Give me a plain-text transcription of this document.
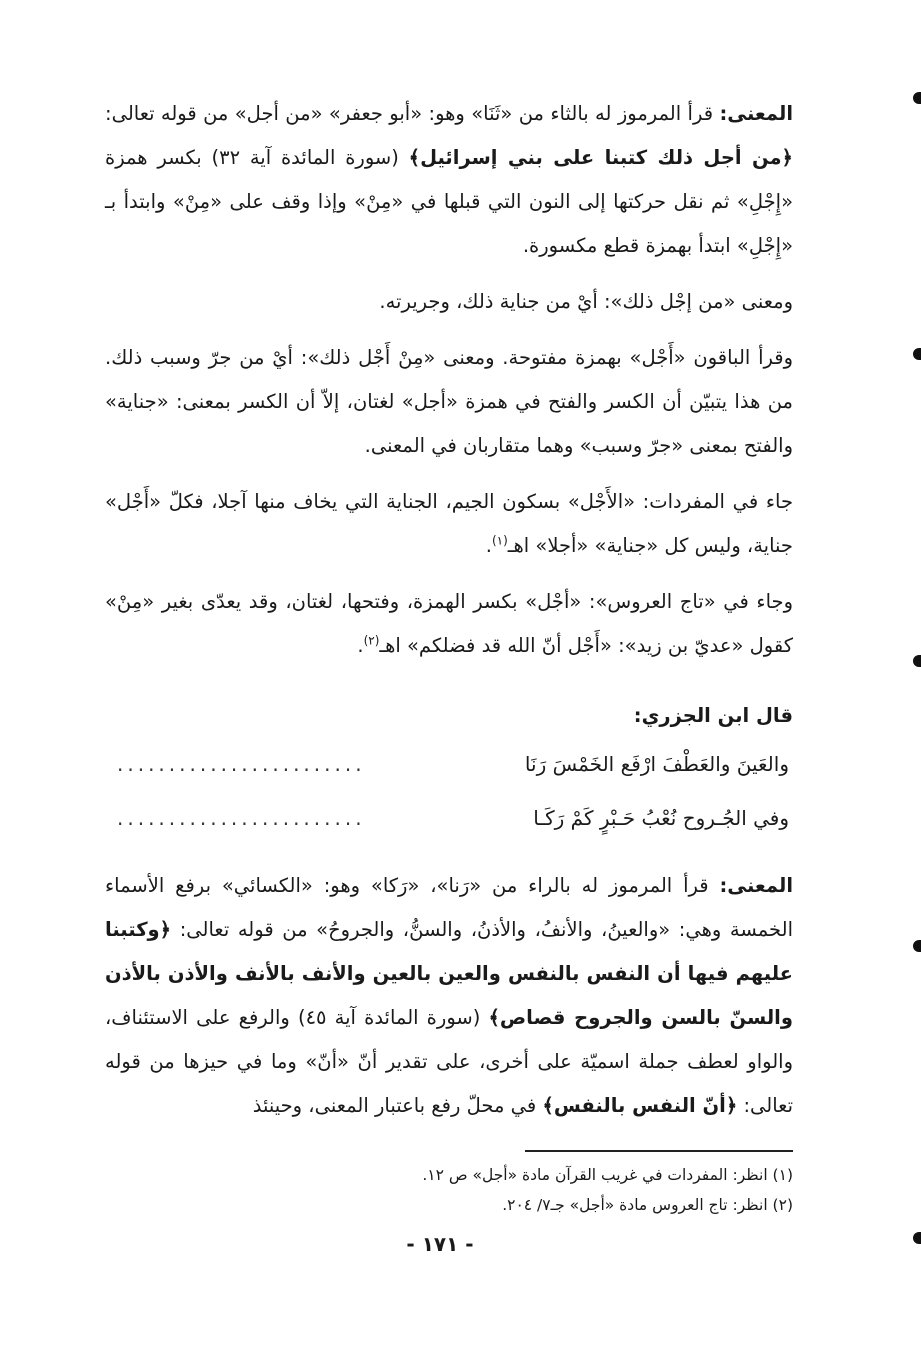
المعنى: قرأ المرموز له بالثاء من «ثَنَا» وهو: «أبو جعفر» «من أجل» من قوله تعالى: ﴿من أجل ذلك كتبنا على بني إسرائيل﴾ (سورة المائدة آية ٣٢) بكسر همزة «إِجْلِ» ثم نقل حركتها إلى النون التي قبلها في «مِنْ» وإذا وقف على «مِنْ» وابتدأ بـ «إِجْلِ» ابتدأ بهمزة قطع مكسورة.

ومعنى «من إجْل ذلك»: أيْ من جناية ذلك، وجريرته.

وقرأ الباقون «أَجْل» بهمزة مفتوحة. ومعنى «مِنْ أَجْل ذلك»: أيْ من جرّ وسبب ذلك. من هذا يتبيّن أن الكسر والفتح في همزة «أجل» لغتان، إلاّ أن الكسر بمعنى: «جناية» والفتح بمعنى «جرّ وسبب» وهما متقاربان في المعنى.

جاء في المفردات: «الأَجْل» بسكون الجيم، الجناية التي يخاف منها آجلا، فكلّ «أَجْل» جناية، وليس كل «جناية» «أجلا» اهـ$^{(١)}$.

وجاء في «تاج العروس»: «أجْل» بكسر الهمزة، وفتحها، لغتان، وقد يعدّى بغير «مِنْ» كقول «عديّ بن زيد»: «أَجْل أنّ الله قد فضلكم» اهـ$^{(٢)}$.

قال ابن الجزري:

والعَينَ والعَطْفَ ارْفَع الخَمْسَ رَنَا
........................
وفي الجُـروح نُعْبُ حَـبْرٍ كَمْ رَكَـا
........................

المعنى: قرأ المرموز له بالراء من «رَنا»، «رَكا» وهو: «الكسائي» برفع الأسماء الخمسة وهي: «والعينُ، والأنفُ، والأذنُ، والسنُّ، والجروحُ» من قوله تعالى: ﴿وكتبنا عليهم فيها أن النفس بالنفس والعين بالعين والأنف بالأنف والأذن بالأذن والسنّ بالسن والجروح قصاص﴾ (سورة المائدة آية ٤٥) والرفع على الاستئناف، والواو لعطف جملة اسميّة على أخرى، على تقدير أنّ «أنّ» وما في حيزها من قوله تعالى: ﴿أنّ النفس بالنفس﴾ في محلّ رفع باعتبار المعنى، وحينئذ

(١) انظر: المفردات في غريب القرآن مادة «أجل» ص ١٢.

(٢) انظر: تاج العروس مادة «أجل» جـ٧/ ٢٠٤.

- ١٧١ -
